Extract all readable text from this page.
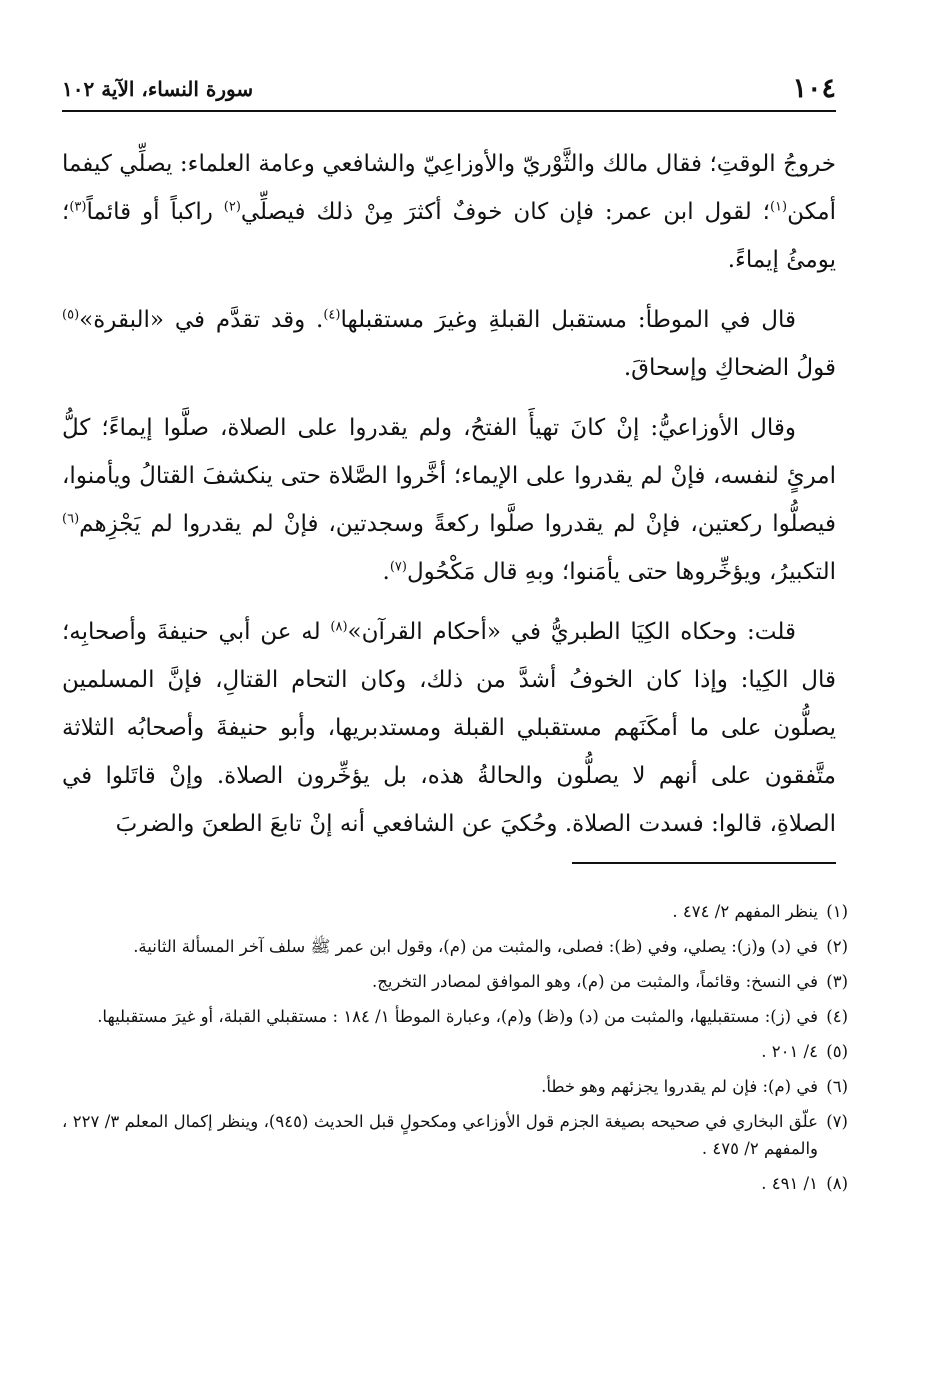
١٠٤
سورة النساء، الآية ١٠٢

خروجُ الوقتِ؛ فقال مالك والثَّوْريّ والأوزاعِيّ والشافعي وعامة العلماء: يصلِّي كيفما أمكن$^{(١)}$؛ لقول ابن عمر: فإن كان خوفٌ أكثرَ مِنْ ذلك فيصلِّي$^{(٢)}$ راكباً أو قائماً$^{(٣)}$؛ يومئُ إيماءً.

قال في الموطأ: مستقبل القبلةِ وغيرَ مستقبلها$^{(٤)}$. وقد تقدَّم في «البقرة»$^{(٥)}$ قولُ الضحاكِ وإسحاقَ.

وقال الأوزاعيُّ: إنْ كانَ تهيأَ الفتحُ، ولم يقدروا على الصلاة، صلَّوا إيماءً؛ كلُّ امرئٍ لنفسه، فإنْ لم يقدروا على الإيماء؛ أخَّروا الصَّلاة حتى ينكشفَ القتالُ ويأمنوا، فيصلُّوا ركعتين، فإنْ لم يقدروا صلَّوا ركعةً وسجدتين، فإنْ لم يقدروا لم يَجْزِهم$^{(٦)}$ التكبيرُ، ويؤخِّروها حتى يأمَنوا؛ وبهِ قال مَكْحُول$^{(٧)}$.

قلت: وحكاه الكِيَا الطبريُّ في «أحكام القرآن»$^{(٨)}$ له عن أبي حنيفةَ وأصحابِه؛ قال الكِيا: وإذا كان الخوفُ أشدَّ من ذلك، وكان التحام القتالِ، فإنَّ المسلمين يصلُّون على ما أمكَنَهم مستقبلي القبلة ومستدبريها، وأبو حنيفةَ وأصحابُه الثلاثة متَّفقون على أنهم لا يصلُّون والحالةُ هذه، بل يؤخِّرون الصلاة. وإنْ قاتَلوا في الصلاةِ، قالوا: فسدت الصلاة. وحُكيَ عن الشافعي أنه إنْ تابعَ الطعنَ والضربَ

(١)ينظر المفهم ٢/ ٤٧٤ .
(٢)في (د) و(ز): يصلي، وفي (ظ): فصلى، والمثبت من (م)، وقول ابن عمر ﷺ سلف آخر المسألة الثانية.
(٣)في النسخ: وقائماً، والمثبت من (م)، وهو الموافق لمصادر التخريج.
(٤)في (ز): مستقبليها، والمثبت من (د) و(ظ) و(م)، وعبارة الموطأ ١/ ١٨٤ : مستقبلي القبلة، أو غيرَ مستقبليها.
(٥)٤/ ٢٠١ .
(٦)في (م): فإن لم يقدروا يجزئهم وهو خطأ.
(٧)علّق البخاري في صحيحه بصيغة الجزم قول الأوزاعي ومكحولٍ قبل الحديث (٩٤٥)، وينظر إكمال المعلم ٣/ ٢٢٧ ، والمفهم ٢/ ٤٧٥ .
(٨)١/ ٤٩١ .
